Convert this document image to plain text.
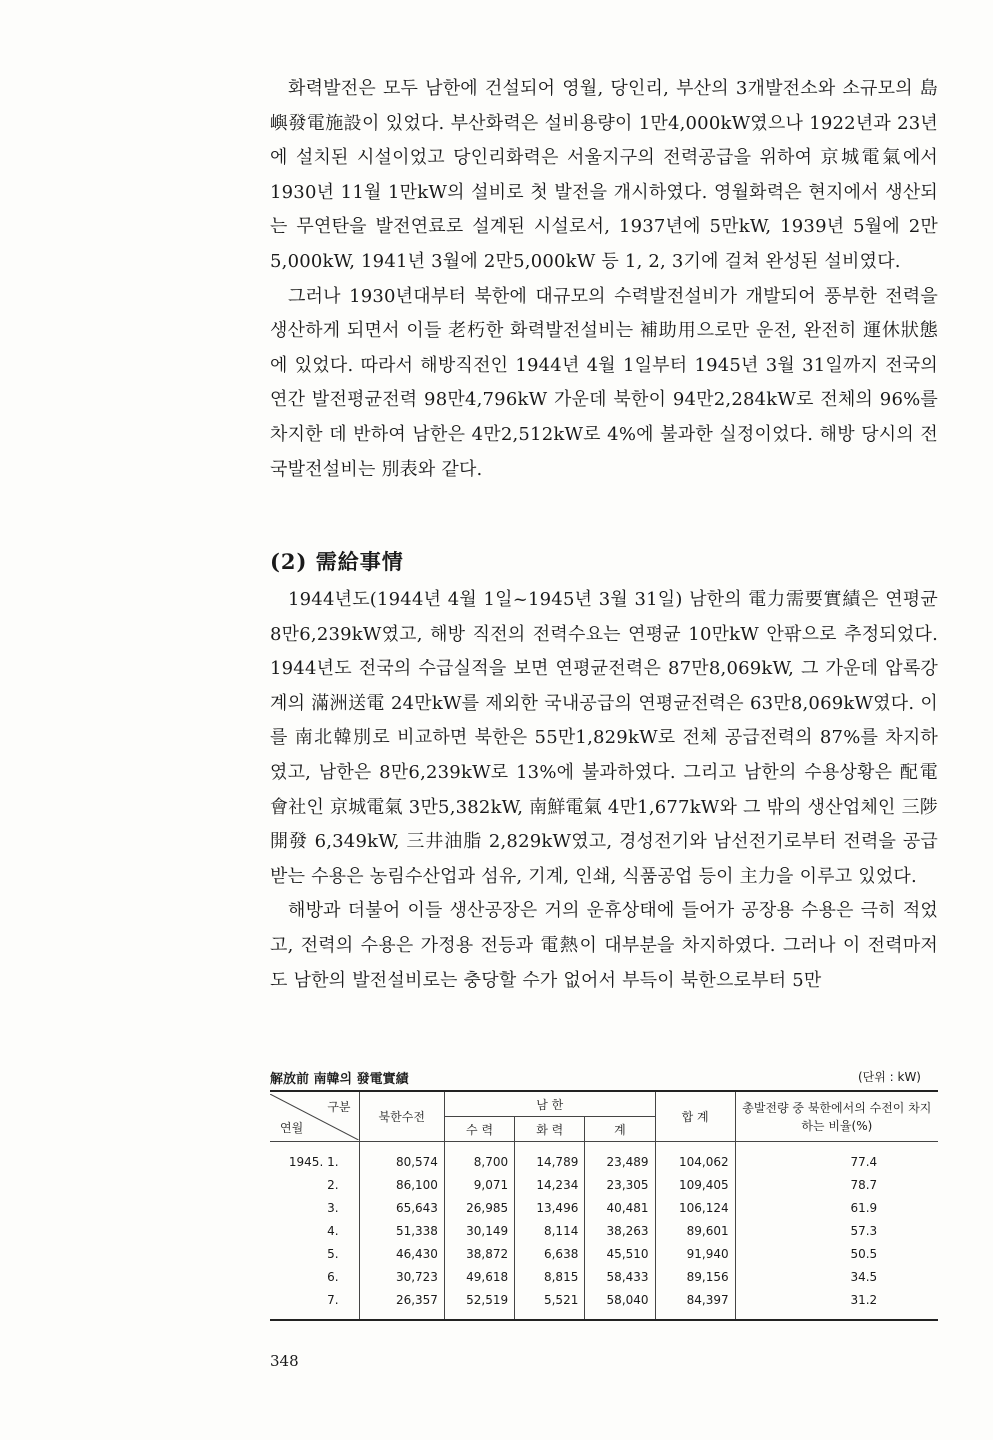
화력발전은 모두 남한에 건설되어 영월, 당인리, 부산의 3개발전소와 소규모의 島嶼發電施設이 있었다. 부산화력은 설비용량이 1만4,000kW였으나 1922년과 23년에 설치된 시설이었고 당인리화력은 서울지구의 전력공급을 위하여 京城電氣에서 1930년 11월 1만kW의 설비로 첫 발전을 개시하였다. 영월화력은 현지에서 생산되는 무연탄을 발전연료로 설계된 시설로서, 1937년에 5만kW, 1939년 5월에 2만5,000kW, 1941년 3월에 2만5,000kW 등 1, 2, 3기에 걸쳐 완성된 설비였다.

그러나 1930년대부터 북한에 대규모의 수력발전설비가 개발되어 풍부한 전력을 생산하게 되면서 이들 老朽한 화력발전설비는 補助用으로만 운전, 완전히 運休狀態에 있었다. 따라서 해방직전인 1944년 4월 1일부터 1945년 3월 31일까지 전국의 연간 발전평균전력 98만4,796kW 가운데 북한이 94만2,284kW로 전체의 96%를 차지한 데 반하여 남한은 4만2,512kW로 4%에 불과한 실정이었다. 해방 당시의 전국발전설비는 別表와 같다.

(2) 需給事情

1944년도(1944년 4월 1일~1945년 3월 31일) 남한의 電力需要實績은 연평균 8만6,239kW였고, 해방 직전의 전력수요는 연평균 10만kW 안팎으로 추정되었다. 1944년도 전국의 수급실적을 보면 연평균전력은 87만8,069kW, 그 가운데 압록강계의 滿洲送電 24만kW를 제외한 국내공급의 연평균전력은 63만8,069kW였다. 이를 南北韓別로 비교하면 북한은 55만1,829kW로 전체 공급전력의 87%를 차지하였고, 남한은 8만6,239kW로 13%에 불과하였다. 그리고 남한의 수용상황은 配電會社인 京城電氣 3만5,382kW, 南鮮電氣 4만1,677kW와 그 밖의 생산업체인 三陟開發 6,349kW, 三井油脂 2,829kW였고, 경성전기와 남선전기로부터 전력을 공급받는 수용은 농림수산업과 섬유, 기계, 인쇄, 식품공업 등이 主力을 이루고 있었다.

해방과 더불어 이들 생산공장은 거의 운휴상태에 들어가 공장용 수용은 극히 적었고, 전력의 수용은 가정용 전등과 電熱이 대부분을 차지하였다. 그러나 이 전력마저도 남한의 발전설비로는 충당할 수가 없어서 부득이 북한으로부터 5만

解放前 南韓의 發電實績	(단위 : kW)
구분
연월	북한수전	남 한			합 계	총발전량 중 북한에서의 수전이 차지하는 비율(%)
		수 력	화 력	계		
1945. 1.	80,574	8,700	14,789	23,489	104,062	77.4
2.	86,100	9,071	14,234	23,305	109,405	78.7
3.	65,643	26,985	13,496	40,481	106,124	61.9
4.	51,338	30,149	8,114	38,263	89,601	57.3
5.	46,430	38,872	6,638	45,510	91,940	50.5
6.	30,723	49,618	8,815	58,433	89,156	34.5
7.	26,357	52,519	5,521	58,040	84,397	31.2
348
